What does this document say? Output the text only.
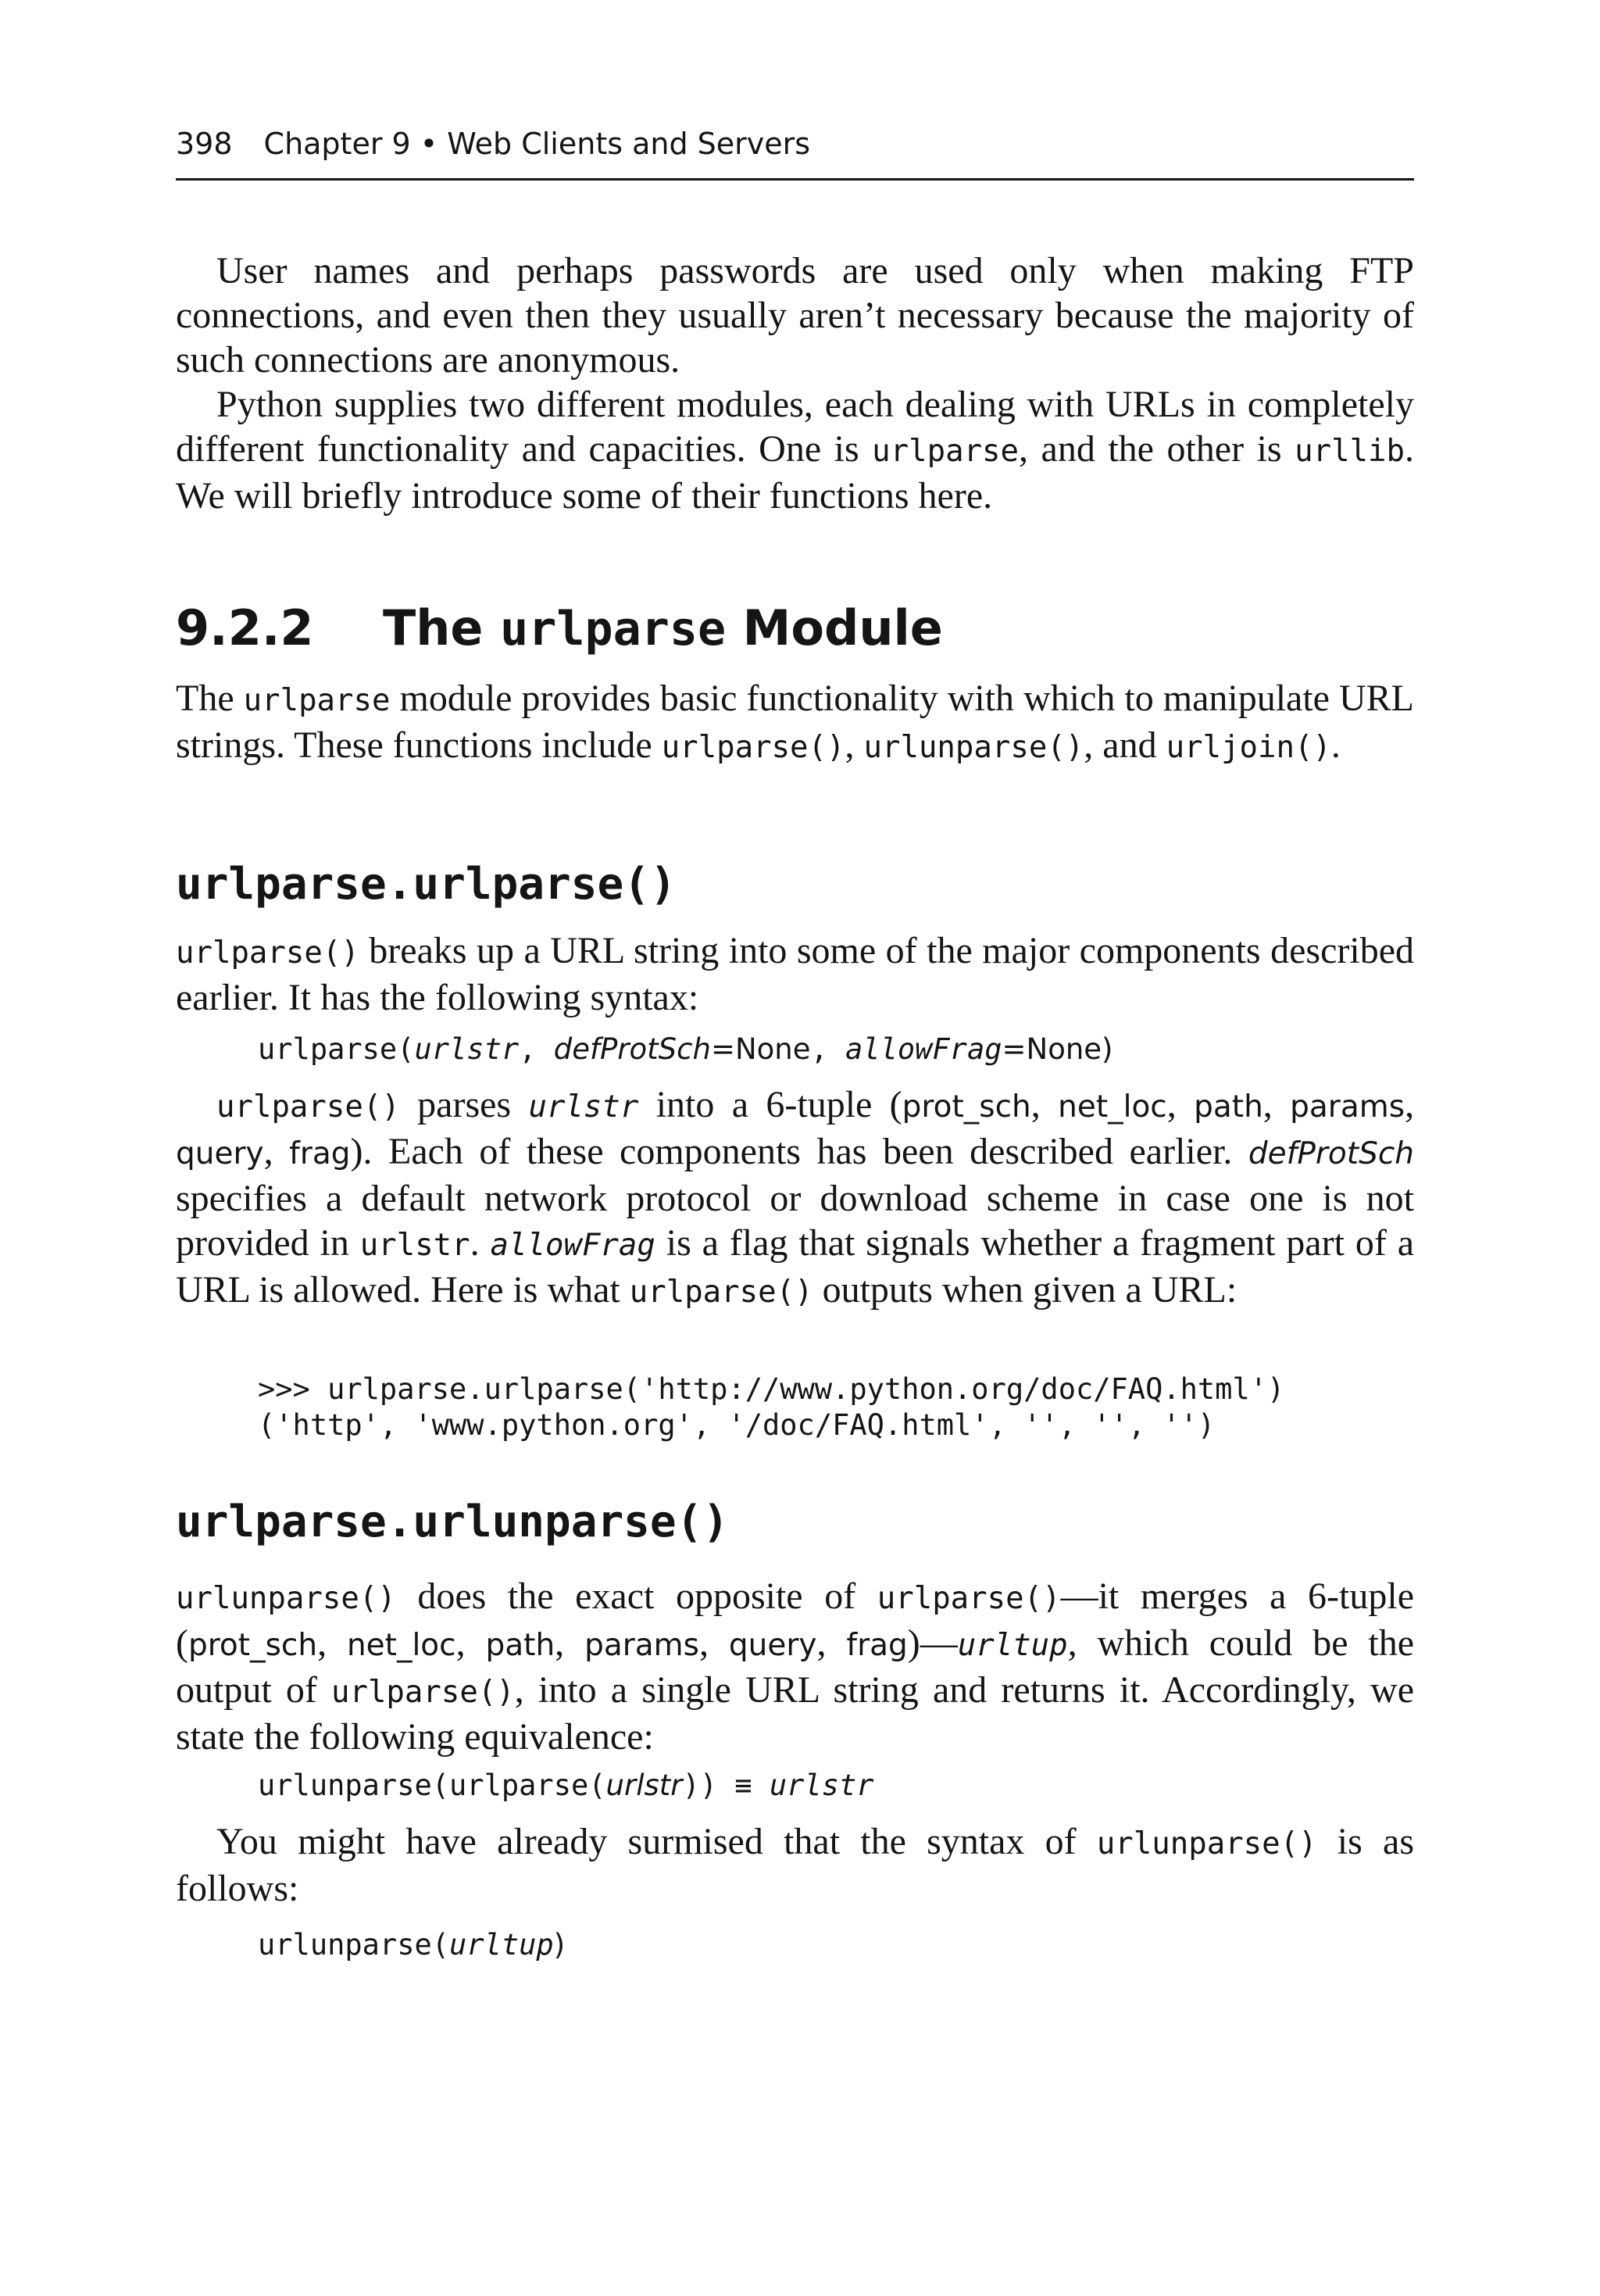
398 Chapter 9 • Web Clients and Servers

User names and perhaps passwords are used only when making FTP connections, and even then they usually aren’t necessary because the majority of such connections are anonymous.

Python supplies two different modules, each dealing with URLs in completely different functionality and capacities. One is urlparse, and the other is urllib. We will briefly introduce some of their functions here.

9.2.2 The urlparse Module

The urlparse module provides basic functionality with which to manipulate URL strings. These functions include urlparse(), urlunparse(), and urljoin().

urlparse.urlparse()

urlparse() breaks up a URL string into some of the major components described earlier. It has the following syntax:

urlparse(urlstr, defProtSch=None, allowFrag=None)

urlparse() parses urlstr into a 6-tuple (prot_sch, net_loc, path, params, query, frag). Each of these components has been described earlier. defProtSch specifies a default network protocol or download scheme in case one is not provided in urlstr. allowFrag is a flag that signals whether a fragment part of a URL is allowed. Here is what urlparse() outputs when given a URL:

>>> urlparse.urlparse('http://www.python.org/doc/FAQ.html')
('http', 'www.python.org', '/doc/FAQ.html', '', '', '')
urlparse.urlunparse()

urlunparse() does the exact opposite of urlparse()—it merges a 6-tuple (prot_sch, net_loc, path, params, query, frag)—urltup, which could be the output of urlparse(), into a single URL string and returns it. Accordingly, we state the following equivalence:

urlunparse(urlparse(urlstr)) ≡ urlstr

You might have already surmised that the syntax of urlunparse() is as follows:

urlunparse(urltup)
